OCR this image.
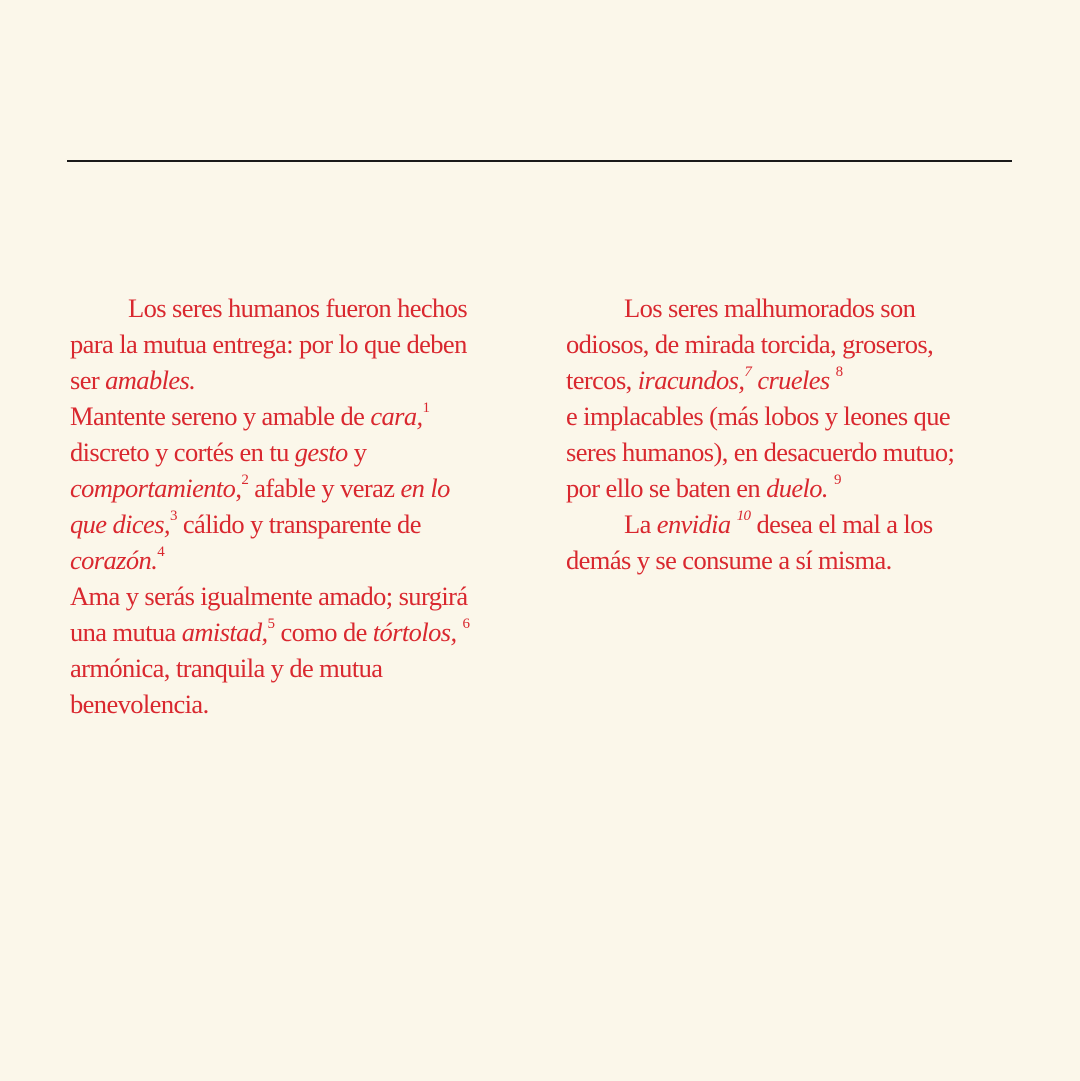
Los seres humanos fueron hechos
para la mutua entrega: por lo que deben
ser amables.
Mantente sereno y amable de cara,$^1$
discreto y cortés en tu gesto y
comportamiento,$^2$ afable y veraz en lo
que dices,$^3$ cálido y transparente de
corazón.$^4$
Ama y serás igualmente amado; surgirá
una mutua amistad,$^5$ como de tórtolos, $^6$
armónica, tranquila y de mutua
benevolencia.
Los seres malhumorados son
odiosos, de mirada torcida, groseros,
tercos, iracundos,$^7$ crueles $^8$
e implacables (más lobos y leones que
seres humanos), en desacuerdo mutuo;
por ello se baten en duelo. $^9$
La envidia $^{10}$ desea el mal a los
demás y se consume a sí misma.
